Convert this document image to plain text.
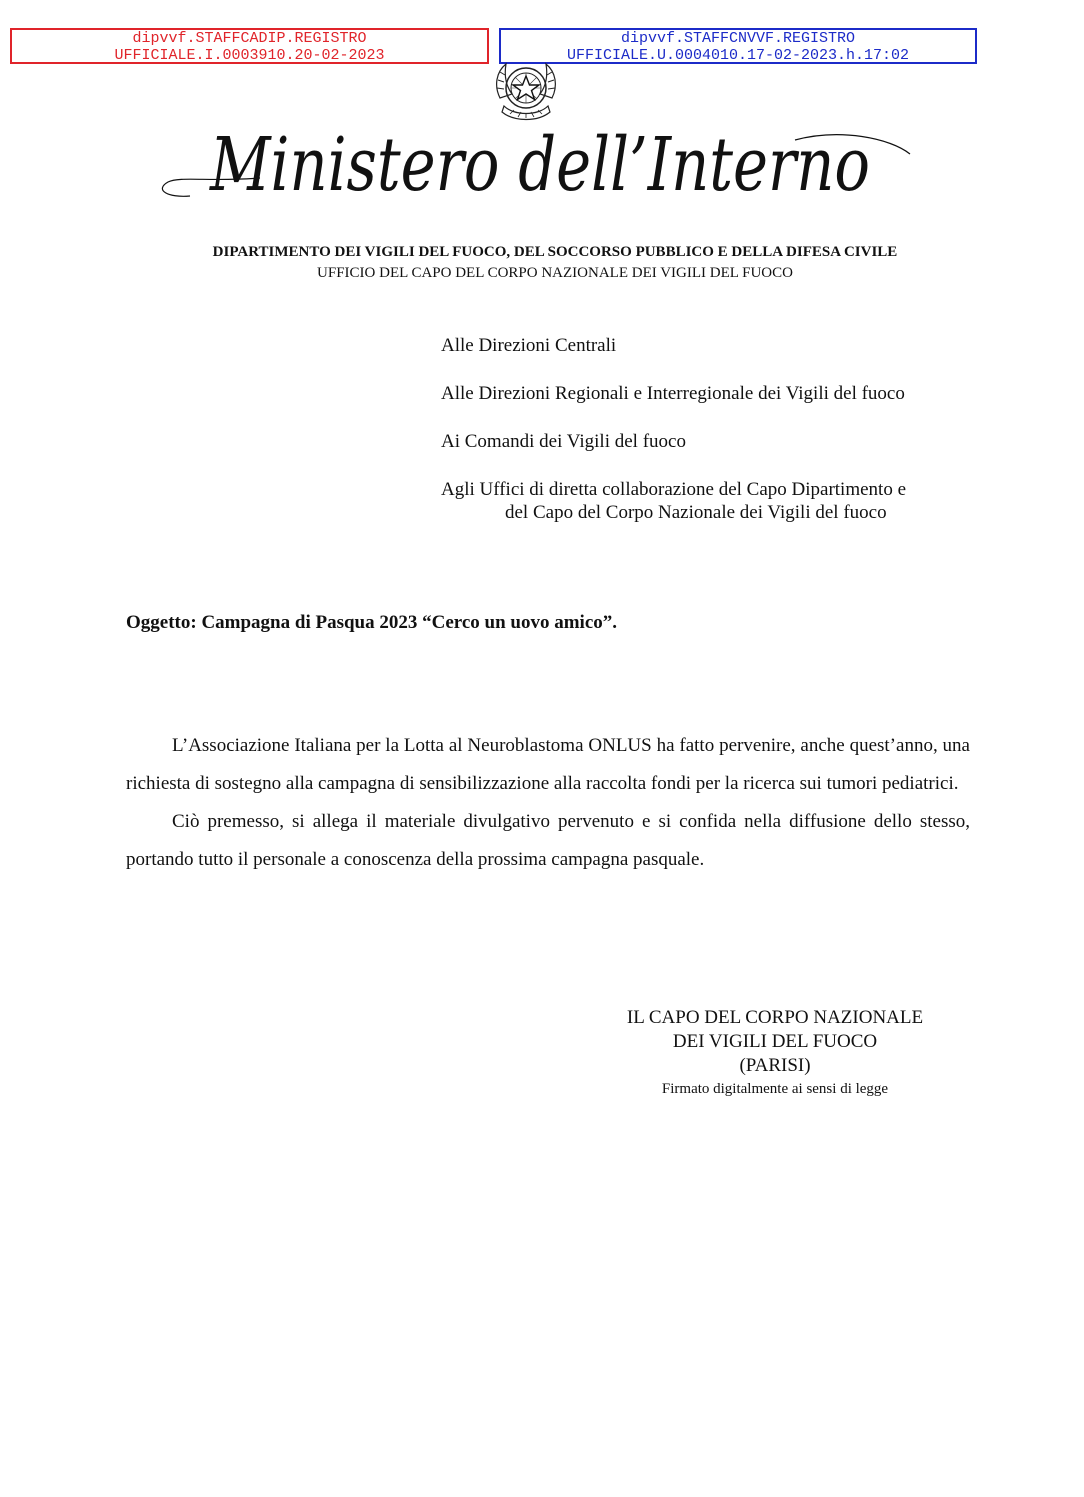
dipvvf.STAFFCADIP.REGISTRO
UFFICIALE.I.0003910.20-02-2023
dipvvf.STAFFCNVVF.REGISTRO
UFFICIALE.U.0004010.17-02-2023.h.17:02
Ministero dell’Interno
DIPARTIMENTO DEI VIGILI DEL FUOCO, DEL SOCCORSO PUBBLICO E DELLA DIFESA CIVILE
UFFICIO DEL CAPO DEL CORPO NAZIONALE DEI VIGILI DEL FUOCO
Alle Direzioni Centrali
Alle Direzioni Regionali e Interregionale dei Vigili del fuoco
Ai Comandi dei Vigili del fuoco
Agli Uffici di diretta collaborazione del Capo Dipartimento e
del Capo del Corpo Nazionale dei Vigili del fuoco
Oggetto: Campagna di Pasqua 2023 “Cerco un uovo amico”.

L’Associazione Italiana per la Lotta al Neuroblastoma ONLUS ha fatto pervenire, anche quest’anno, una richiesta di sostegno alla campagna di sensibilizzazione alla raccolta fondi per la ricerca sui tumori pediatrici.

Ciò premesso, si allega il materiale divulgativo pervenuto e si confida nella diffusione dello stesso, portando tutto il personale a conoscenza della prossima campagna pasquale.

IL CAPO DEL CORPO NAZIONALE
DEI VIGILI DEL FUOCO
(PARISI)
Firmato digitalmente ai sensi di legge
